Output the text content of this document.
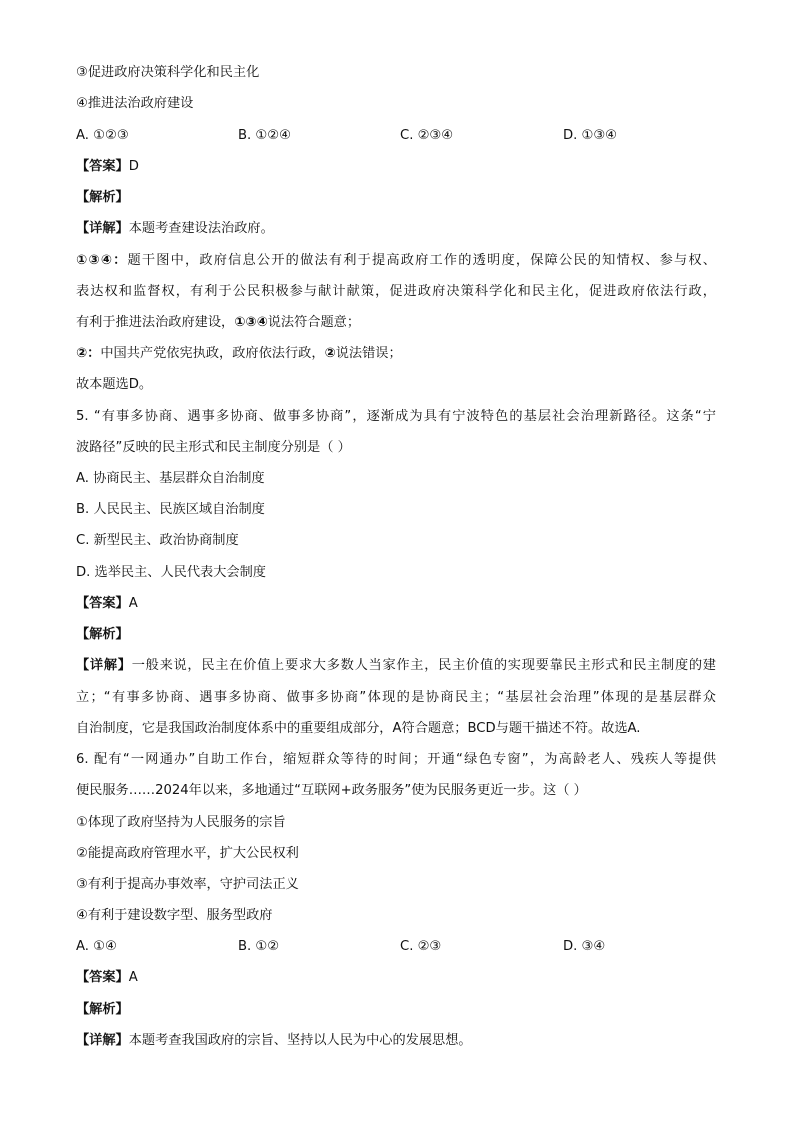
③促进政府决策科学化和民主化
④推进法治政府建设
A. ①②③	B. ①②④	C. ②③④	D. ①③④
【答案】D
【解析】
【详解】本题考查建设法治政府。
①③④：题干图中，政府信息公开的做法有利于提高政府工作的透明度，保障公民的知情权、参与权、
表达权和监督权，有利于公民积极参与献计献策，促进政府决策科学化和民主化，促进政府依法行政，
有利于推进法治政府建设，①③④说法符合题意；
②：中国共产党依宪执政，政府依法行政，②说法错误；
故本题选D。
5. “有事多协商、遇事多协商、做事多协商”，逐渐成为具有宁波特色的基层社会治理新路径。这条“宁
波路径”反映的民主形式和民主制度分别是（ ）
A. 协商民主、基层群众自治制度
B. 人民民主、民族区域自治制度
C. 新型民主、政治协商制度
D. 选举民主、人民代表大会制度
【答案】A
【解析】
【详解】一般来说，民主在价值上要求大多数人当家作主，民主价值的实现要靠民主形式和民主制度的建
立；“有事多协商、遇事多协商、做事多协商”体现的是协商民主；“基层社会治理”体现的是基层群众
自治制度，它是我国政治制度体系中的重要组成部分，A符合题意；BCD与题干描述不符。故选A.
6. 配有“一网通办”自助工作台，缩短群众等待的时间；开通“绿色专窗”，为高龄老人、残疾人等提供
便民服务……2024年以来，多地通过“互联网+政务服务”使为民服务更近一步。这（ ）
①体现了政府坚持为人民服务的宗旨
②能提高政府管理水平，扩大公民权利
③有利于提高办事效率，守护司法正义
④有利于建设数字型、服务型政府
A. ①④	B. ①②	C. ②③	D. ③④
【答案】A
【解析】
【详解】本题考查我国政府的宗旨、坚持以人民为中心的发展思想。
